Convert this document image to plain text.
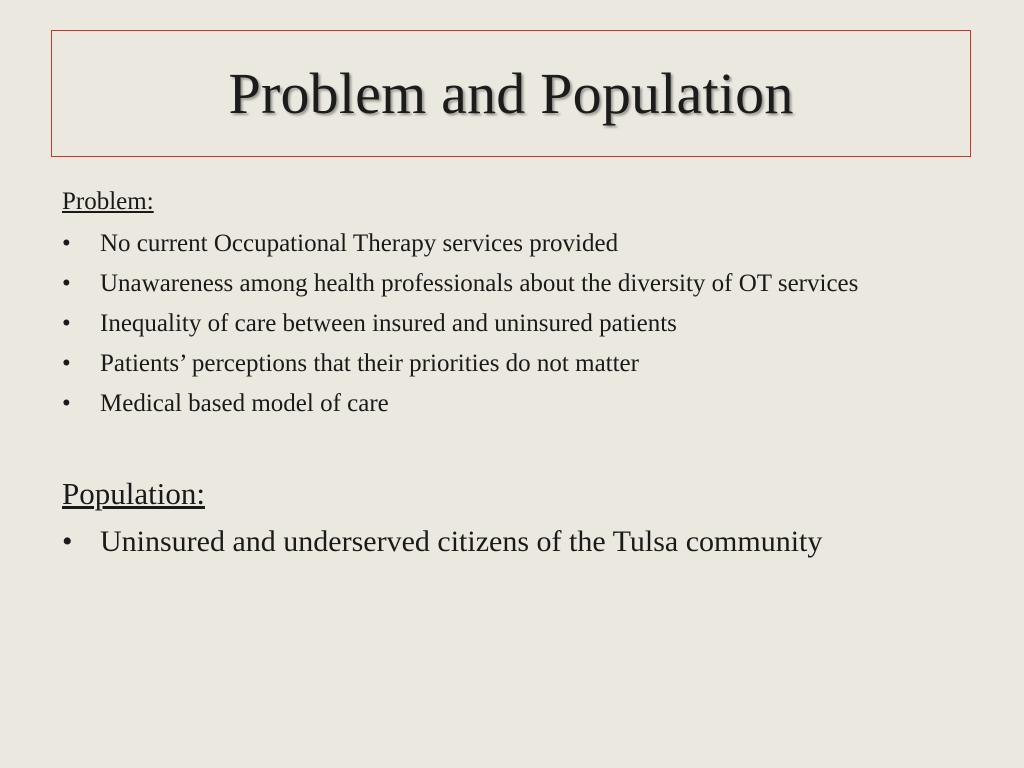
Problem and Population

Problem:

• No current Occupational Therapy services provided
• Unawareness among health professionals about the diversity of OT services
• Inequality of care between insured and uninsured patients
• Patients’ perceptions that their priorities do not matter
• Medical based model of care

Population:

• Uninsured and underserved citizens of the Tulsa community
